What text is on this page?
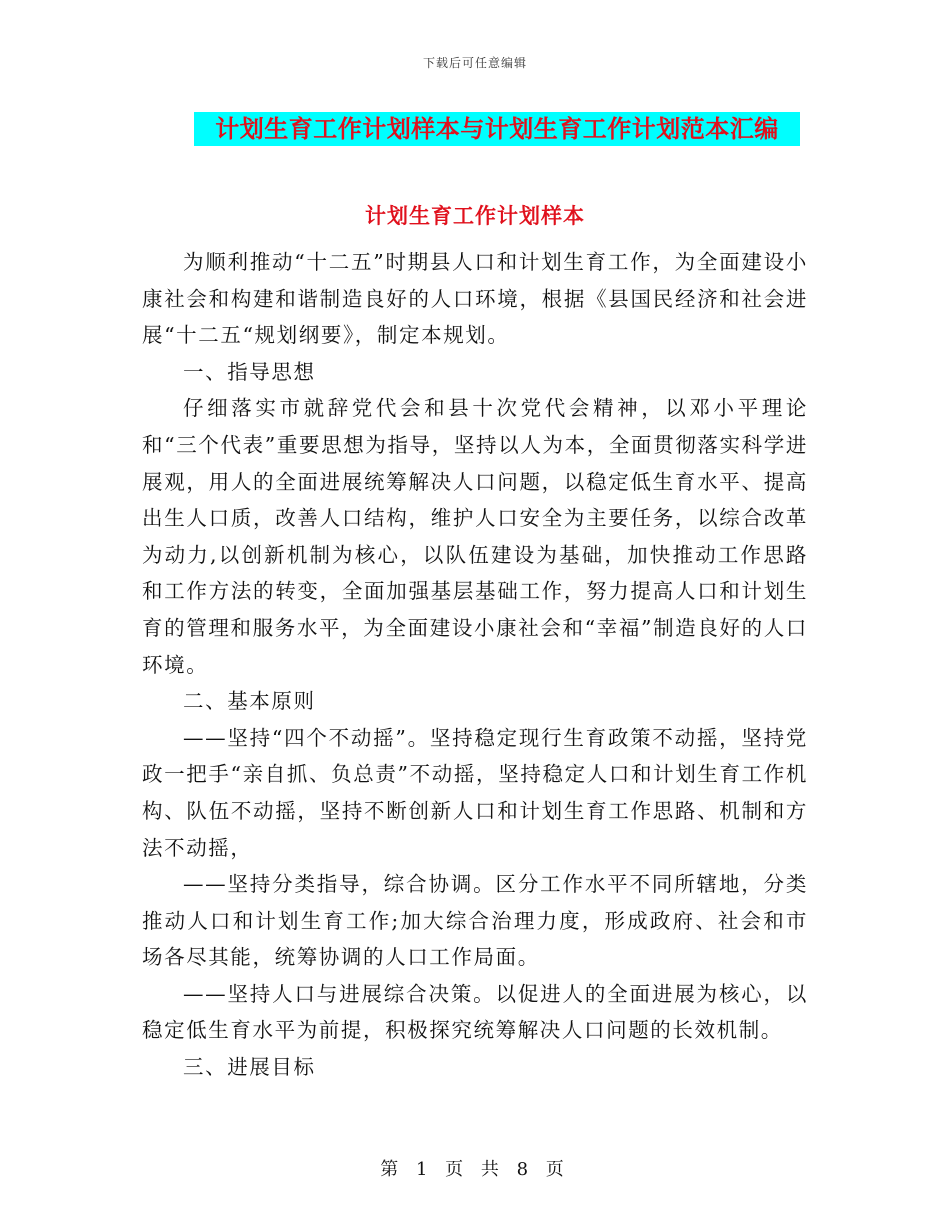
下载后可任意编辑
计划生育工作计划样本与计划生育工作计划范本汇编
计划生育工作计划样本

为顺利推动“十二五”时期县人口和计划生育工作，为全面建设小康社会和构建和谐制造良好的人口环境，根据《县国民经济和社会进展“十二五“规划纲要》，制定本规划。

一、指导思想

仔细落实市就辞党代会和县十次党代会精神，以邓小平理论和“三个代表”重要思想为指导，坚持以人为本，全面贯彻落实科学进展观，用人的全面进展统筹解决人口问题，以稳定低生育水平、提高出生人口质，改善人口结构，维护人口安全为主要任务，以综合改革为动力,以创新机制为核心，以队伍建设为基础，加快推动工作思路和工作方法的转变，全面加强基层基础工作，努力提高人口和计划生育的管理和服务水平，为全面建设小康社会和“幸福”制造良好的人口环境。

二、基本原则

——坚持“四个不动摇”。坚持稳定现行生育政策不动摇，坚持党政一把手“亲自抓、负总责”不动摇，坚持稳定人口和计划生育工作机构、队伍不动摇，坚持不断创新人口和计划生育工作思路、机制和方法不动摇，

——坚持分类指导，综合协调。区分工作水平不同所辖地，分类推动人口和计划生育工作;加大综合治理力度，形成政府、社会和市场各尽其能，统筹协调的人口工作局面。

——坚持人口与进展综合决策。以促进人的全面进展为核心，以稳定低生育水平为前提，积极探究统筹解决人口问题的长效机制。

三、进展目标

第 1 页 共 8 页
